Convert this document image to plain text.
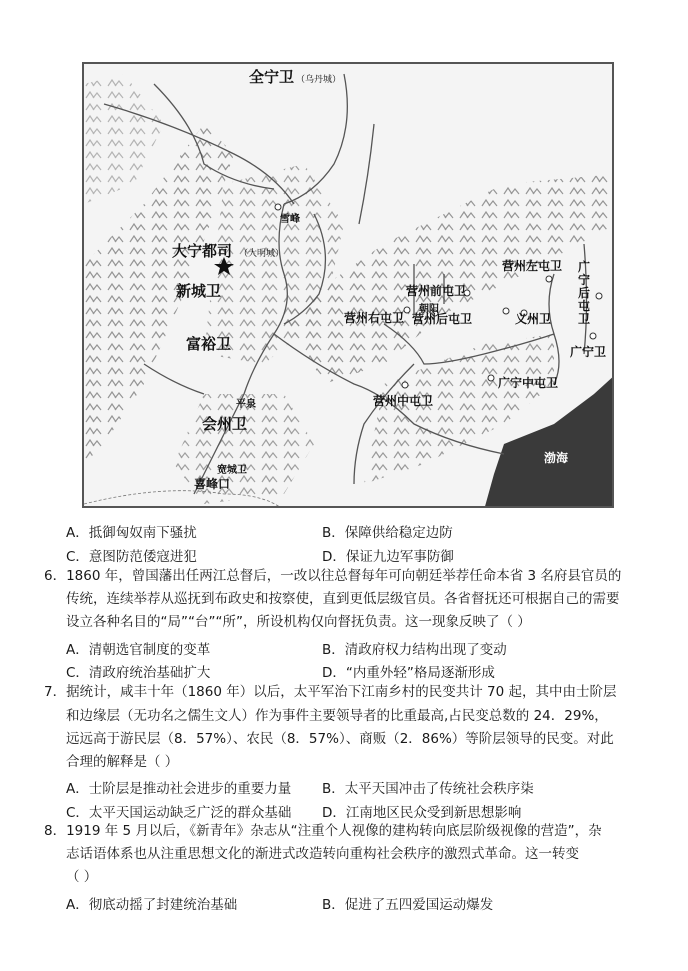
全宁卫 （乌丹城）
雪峰
大宁都司 （大明城）
新城卫
富裕卫
平泉
会州卫
宽城卫
喜峰口
营州左屯卫
营州前屯卫
朝阳
营州右屯卫 营州后屯卫	义州卫
广宁中屯卫
营州中屯卫
广
宁
后
屯
卫
广宁卫
渤海
A．抵御匈奴南下骚扰	B．保障供给稳定边防
C．意图防范倭寇进犯	D．保证九边军事防御
6．1860 年，曾国藩出任两江总督后，一改以往总督每年可向朝廷举荐任命本省 3 名府县官员的
传统，连续举荐从巡抚到布政史和按察使，直到更低层级官员。各省督抚还可根据自己的需要
设立各种名目的“局”“台”“所”，所设机构仅向督抚负责。这一现象反映了（ ）
A．清朝选官制度的变革	B．清政府权力结构出现了变动
C．清政府统治基础扩大	D．“内重外轻”格局逐渐形成
7．据统计，咸丰十年（1860 年）以后，太平军治下江南乡村的民变共计 70 起，其中由士阶层
和边缘层（无功名之儒生文人）作为事件主要领导者的比重最高,占民变总数的 24．29%，
远远高于游民层（8．57%）、农民（8．57%）、商贩（2．86%）等阶层领导的民变。对此
合理的解释是（ ）
A．士阶层是推动社会进步的重要力量 B．太平天国冲击了传统社会秩序柒
C．太平天国运动缺乏广泛的群众基础 D．江南地区民众受到新思想影响
8．1919 年 5 月以后，《新青年》杂志从“注重个人视像的建构转向底层阶级视像的营造”，杂
志话语体系也从注重思想文化的渐进式改造转向重构社会秩序的激烈式革命。这一转变
（ ）
A．彻底动摇了封建统治基础	B．促进了五四爱国运动爆发
